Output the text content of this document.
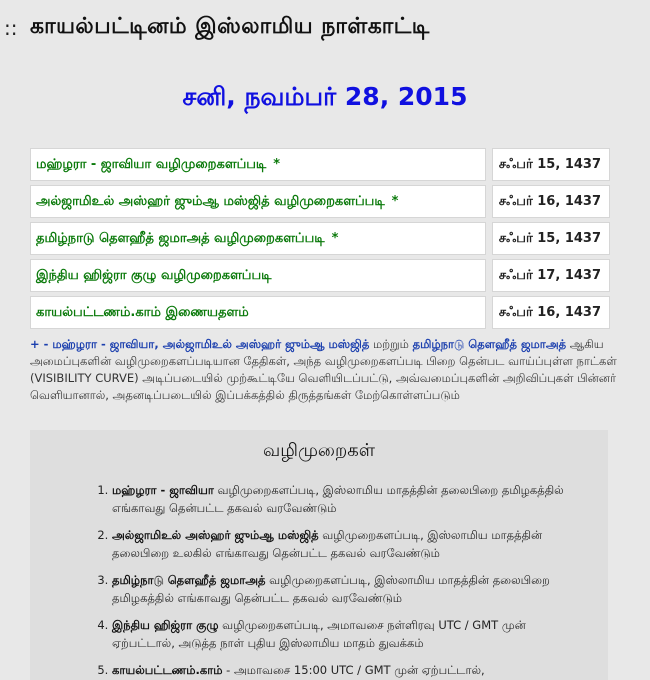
:: காயல்பட்டினம் இஸ்லாமிய நாள்காட்டி
சனி, நவம்பர் 28, 2015
மஹ்ழரா - ஜாவியா வழிமுறைகளப்படி *	சஃபர் 15, 1437
அல்ஜாமிஉல் அஸ்ஹர் ஜும்ஆ மஸ்ஜித் வழிமுறைகளப்படி *	சஃபர் 16, 1437
தமிழ்நாடு தௌஹீத் ஜமாஅத் வழிமுறைகளப்படி *	சஃபர் 15, 1437
இந்திய ஹிஜ்ரா குழு வழிமுறைகளப்படி	சஃபர் 17, 1437
காயல்பட்டணம்.காம் இணையதளம்	சஃபர் 16, 1437
+ - மஹ்ழரா - ஜாவியா, அல்ஜாமிஉல் அஸ்ஹர் ஜும்ஆ மஸ்ஜித் மற்றும் தமிழ்நாடு தௌஹீத் ஜமாஅத் ஆகிய அமைப்புகளின் வழிமுறைகளப்படியான தேதிகள், அந்த வழிமுறைகளப்படி பிறை தென்பட வாய்ப்புள்ள நாட்கள் (VISIBILITY CURVE) அடிப்படையில் முற்கூட்டியே வெளியிடப்பட்டு, அவ்வமைப்புகளின் அறிவிப்புகள் பின்னர் வெளியானால், அதனடிப்படையில் இப்பக்கத்தில் திருத்தங்கள் மேற்கொள்ளப்படும்
வழிமுறைகள்
1. மஹ்ழரா - ஜாவியா வழிமுறைகளப்படி, இஸ்லாமிய மாதத்தின் தலைபிறை தமிழகத்தில் எங்காவது தென்பட்ட தகவல் வரவேண்டும்
2. அல்ஜாமிஉல் அஸ்ஹர் ஜும்ஆ மஸ்ஜித் வழிமுறைகளப்படி, இஸ்லாமிய மாதத்தின் தலைபிறை உலகில் எங்காவது தென்பட்ட தகவல் வரவேண்டும்
3. தமிழ்நாடு தௌஹீத் ஜமாஅத் வழிமுறைகளப்படி, இஸ்லாமிய மாதத்தின் தலைபிறை தமிழகத்தில் எங்காவது தென்பட்ட தகவல் வரவேண்டும்
4. இந்திய ஹிஜ்ரா குழு வழிமுறைகளப்படி, அமாவசை நள்ளிரவு UTC / GMT முன் ஏற்பட்டால், அடுத்த நாள் புதிய இஸ்லாமிய மாதம் துவக்கம்
5. காயல்பட்டணம்.காம் - அமாவசை 15:00 UTC / GMT முன் ஏற்பட்டால்,
